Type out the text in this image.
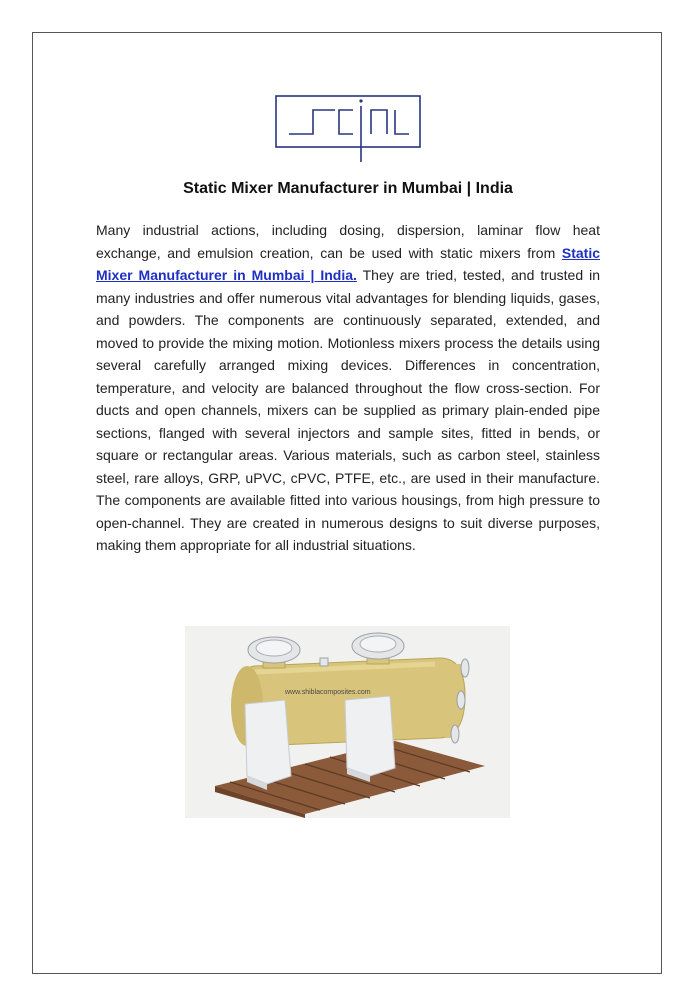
Static Mixer Manufacturer in Mumbai | India

Many industrial actions, including dosing, dispersion, laminar flow heat exchange, and emulsion creation, can be used with static mixers from Static Mixer Manufacturer in Mumbai | India. They are tried, tested, and trusted in many industries and offer numerous vital advantages for blending liquids, gases, and powders. The components are continuously separated, extended, and moved to provide the mixing motion. Motionless mixers process the details using several carefully arranged mixing devices. Differences in concentration, temperature, and velocity are balanced throughout the flow cross-section. For ducts and open channels, mixers can be supplied as primary plain-ended pipe sections, flanged with several injectors and sample sites, fitted in bends, or square or rectangular areas. Various materials, such as carbon steel, stainless steel, rare alloys, GRP, uPVC, cPVC, PTFE, etc., are used in their manufacture. The components are available fitted into various housings, from high pressure to open-channel. They are created in numerous designs to suit diverse purposes, making them appropriate for all industrial situations.

www.shiblacomposites.com
